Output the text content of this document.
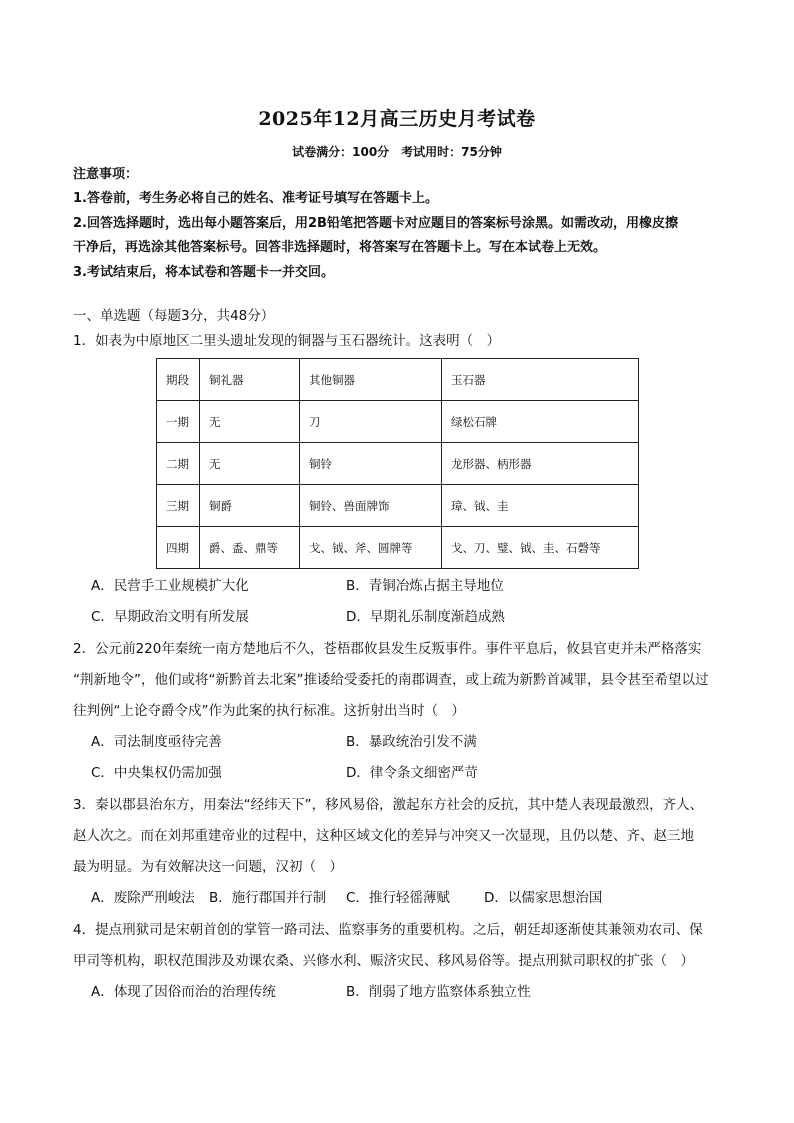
2025年12月高三历史月考试卷
试卷满分：100分　考试用时：75分钟
注意事项：
1.答卷前，考生务必将自己的姓名、准考证号填写在答题卡上。
2.回答选择题时，选出每小题答案后，用2B铅笔把答题卡对应题目的答案标号涂黑。如需改动，用橡皮擦
干净后，再选涂其他答案标号。回答非选择题时，将答案写在答题卡上。写在本试卷上无效。
3.考试结束后，将本试卷和答题卡一并交回。
一、单选题（每题3分，共48分）
1．如表为中原地区二里头遗址发现的铜器与玉石器统计。这表明（　）
期段	铜礼器	其他铜器	玉石器
一期	无	刀	绿松石牌
二期	无	铜铃	龙形器、柄形器
三期	铜爵	铜铃、兽面牌饰	璋、钺、圭
四期	爵、盉、鼎等	戈、钺、斧、圆牌等	戈、刀、璧、钺、圭、石磬等
A．民营手工业规模扩大化	B．青铜冶炼占据主导地位
C．早期政治文明有所发展	D．早期礼乐制度渐趋成熟
2．公元前220年秦统一南方楚地后不久，苍梧郡攸县发生反叛事件。事件平息后，攸县官吏并未严格落实
“荆新地令”，他们或将“新黔首去北案”推诿给受委托的南郡调查，或上疏为新黔首减罪，县令甚至希望以过
往判例“上论夺爵令戍”作为此案的执行标准。这折射出当时（　）
A．司法制度亟待完善	B．暴政统治引发不满
C．中央集权仍需加强	D．律令条文细密严苛
3．秦以郡县治东方，用秦法“经纬天下”，移风易俗，激起东方社会的反抗，其中楚人表现最激烈，齐人、
赵人次之。而在刘邦重建帝业的过程中，这种区域文化的差异与冲突又一次显现，且仍以楚、齐、赵三地
最为明显。为有效解决这一问题，汉初（　）
A．废除严刑峻法 B．施行郡国并行制 C．推行轻徭薄赋	D．以儒家思想治国
4．提点刑狱司是宋朝首创的掌管一路司法、监察事务的重要机构。之后，朝廷却逐渐使其兼领劝农司、保
甲司等机构，职权范围涉及劝课农桑、兴修水利、赈济灾民、移风易俗等。提点刑狱司职权的扩张（　）
A．体现了因俗而治的治理传统	B．削弱了地方监察体系独立性
